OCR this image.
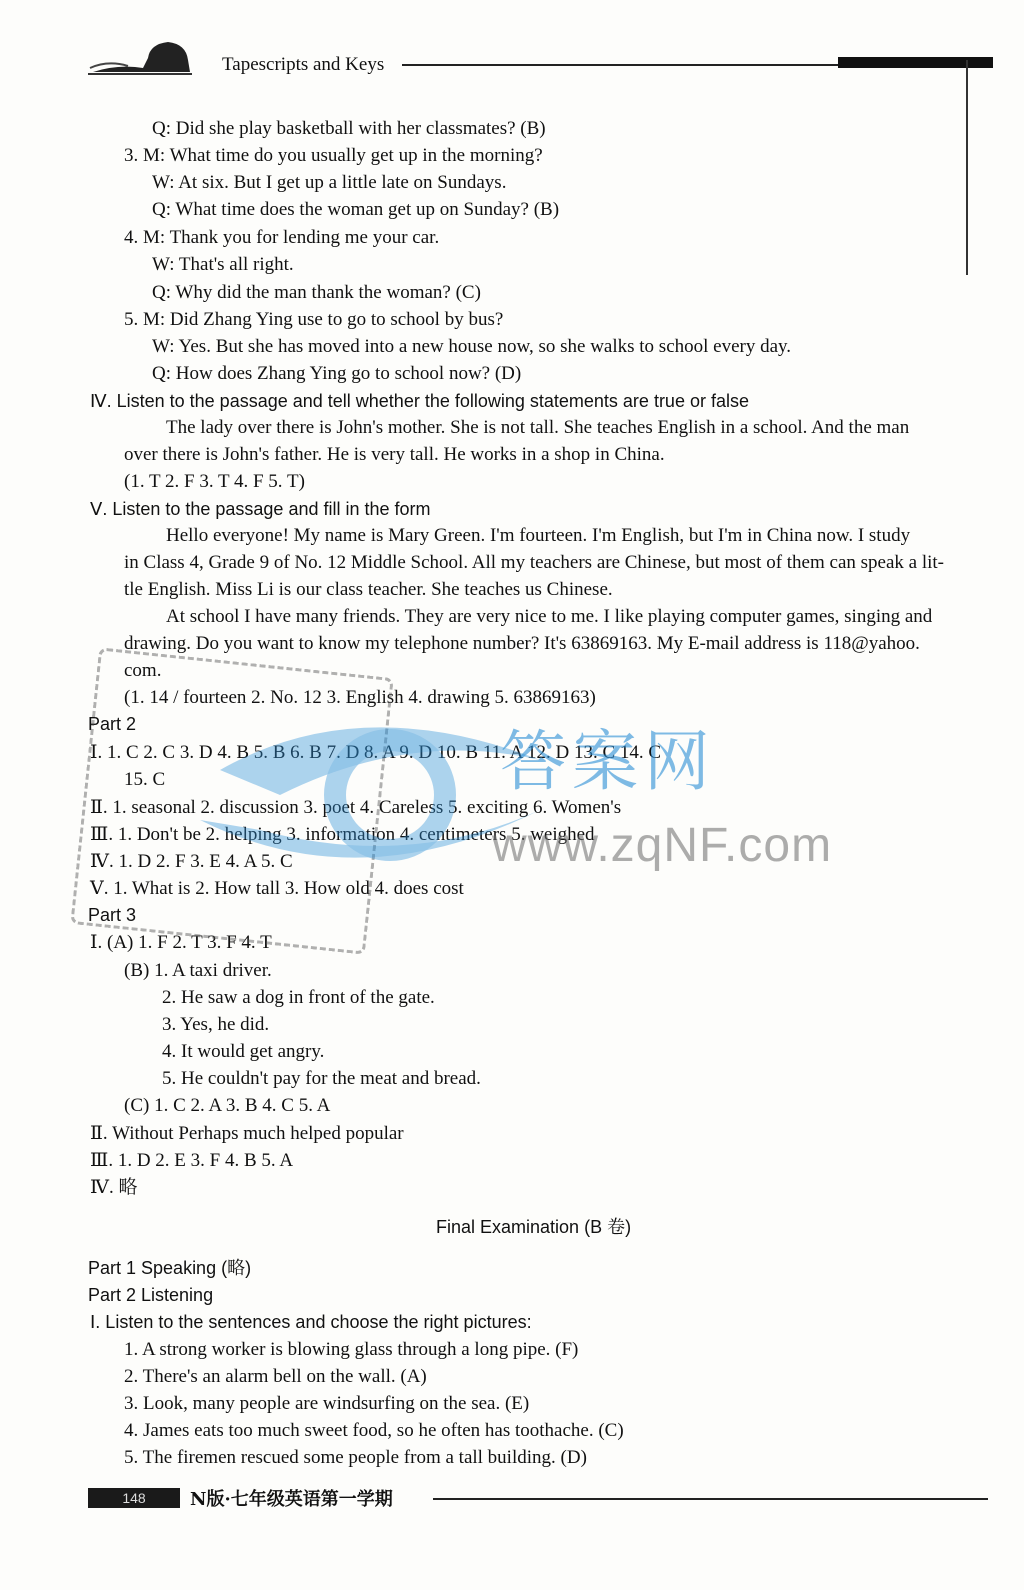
Tapescripts and Keys
Q: Did she play basketball with her classmates? (B)
3. M: What time do you usually get up in the morning?
W: At six. But I get up a little late on Sundays.
Q: What time does the woman get up on Sunday? (B)
4. M: Thank you for lending me your car.
W: That's all right.
Q: Why did the man thank the woman? (C)
5. M: Did Zhang Ying use to go to school by bus?
W: Yes. But she has moved into a new house now, so she walks to school every day.
Q: How does Zhang Ying go to school now? (D)
Ⅳ. Listen to the passage and tell whether the following statements are true or false
The lady over there is John's mother. She is not tall. She teaches English in a school. And the man
over there is John's father. He is very tall. He works in a shop in China.
(1. T 2. F 3. T 4. F 5. T)
Ⅴ. Listen to the passage and fill in the form
Hello everyone! My name is Mary Green. I'm fourteen. I'm English, but I'm in China now. I study
in Class 4, Grade 9 of No. 12 Middle School. All my teachers are Chinese, but most of them can speak a lit-
tle English. Miss Li is our class teacher. She teaches us Chinese.
At school I have many friends. They are very nice to me. I like playing computer games, singing and
drawing. Do you want to know my telephone number? It's 63869163. My E-mail address is 118@yahoo.
com.
(1. 14 / fourteen 2. No. 12 3. English 4. drawing 5. 63869163)
Part 2
Ⅰ. 1. C 2. C 3. D 4. B 5. B 6. B 7. D 8. A 9. D 10. B 11. A 12. D 13. C 14. C
15. C
Ⅱ. 1. seasonal 2. discussion 3. poet 4. Careless 5. exciting 6. Women's
Ⅲ. 1. Don't be 2. helping 3. information 4. centimeters 5. weighed
Ⅳ. 1. D 2. F 3. E 4. A 5. C
Ⅴ. 1. What is 2. How tall 3. How old 4. does cost
Part 3
Ⅰ. (A) 1. F 2. T 3. F 4. T
(B) 1. A taxi driver.
2. He saw a dog in front of the gate.
3. Yes, he did.
4. It would get angry.
5. He couldn't pay for the meat and bread.
(C) 1. C 2. A 3. B 4. C 5. A
Ⅱ. Without Perhaps much helped popular
Ⅲ. 1. D 2. E 3. F 4. B 5. A
Ⅳ. 略
Final Examination (B 卷)
Part 1 Speaking (略)
Part 2 Listening
Ⅰ. Listen to the sentences and choose the right pictures:
1. A strong worker is blowing glass through a long pipe. (F)
2. There's an alarm bell on the wall. (A)
3. Look, many people are windsurfing on the sea. (E)
4. James eats too much sweet food, so he often has toothache. (C)
5. The firemen rescued some people from a tall building. (D)
答案网
www.zqNF.com
148	N版·七年级英语第一学期
